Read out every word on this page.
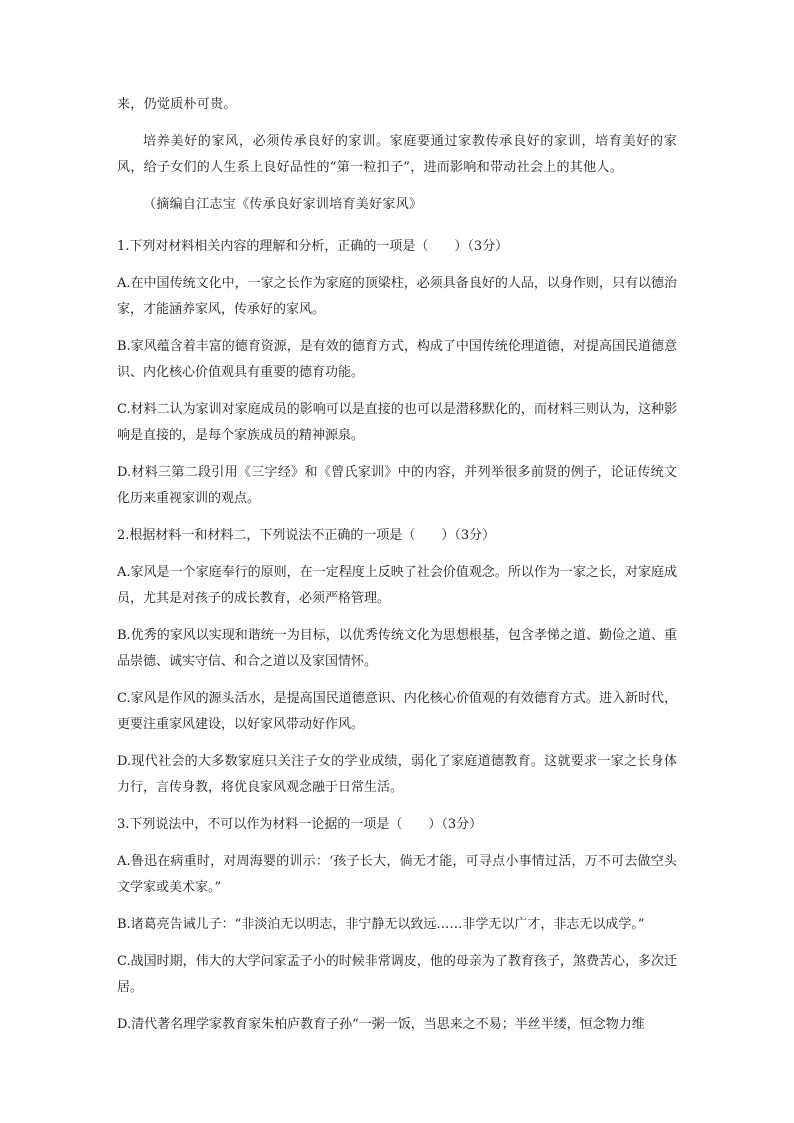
来，仍觉质朴可贵。

培养美好的家风，必须传承良好的家训。家庭要通过家教传承良好的家训，培育美好的家风，给子女们的人生系上良好品性的“第一粒扣子”，进而影响和带动社会上的其他人。

（摘编自江志宝《传承良好家训培育美好家风》

1.下列对材料相关内容的理解和分析，正确的一项是（　　）（3分）

A.在中国传统文化中，一家之长作为家庭的顶梁柱，必须具备良好的人品，以身作则，只有以德治家，才能涵养家风，传承好的家风。

B.家风蕴含着丰富的德育资源，是有效的德育方式，构成了中国传统伦理道德，对提高国民道德意识、内化核心价值观具有重要的德育功能。

C.材料二认为家训对家庭成员的影响可以是直接的也可以是潜移默化的，而材料三则认为，这种影响是直接的，是每个家族成员的精神源泉。

D.材料三第二段引用《三字经》和《曾氏家训》中的内容，并列举很多前贤的例子，论证传统文化历来重视家训的观点。

2.根据材料一和材料二，下列说法不正确的一项是（　　）（3分）

A.家风是一个家庭奉行的原则，在一定程度上反映了社会价值观念。所以作为一家之长，对家庭成员，尤其是对孩子的成长教育，必须严格管理。

B.优秀的家风以实现和谐统一为目标，以优秀传统文化为思想根基，包含孝悌之道、勤俭之道、重品崇德、诚实守信、和合之道以及家国情怀。

C.家风是作风的源头活水，是提高国民道德意识、内化核心价值观的有效德育方式。进入新时代，更要注重家风建设，以好家风带动好作风。

D.现代社会的大多数家庭只关注子女的学业成绩，弱化了家庭道德教育。这就要求一家之长身体力行，言传身教，将优良家风观念融于日常生活。

3.下列说法中，不可以作为材料一论据的一项是（　　）（3分）

A.鲁迅在病重时，对周海婴的训示：‘孩子长大，倘无才能，可寻点小事情过活，万不可去做空头文学家或美术家。”

B.诸葛亮告诫儿子：“非淡泊无以明志，非宁静无以致远……非学无以广才，非志无以成学。”

C.战国时期，伟大的大学问家孟子小的时候非常调皮，他的母亲为了教育孩子，煞费苦心，多次迁居。

D.清代著名理学家教育家朱柏庐教育子孙“一粥一饭，当思来之不易；半丝半缕，恒念物力维
